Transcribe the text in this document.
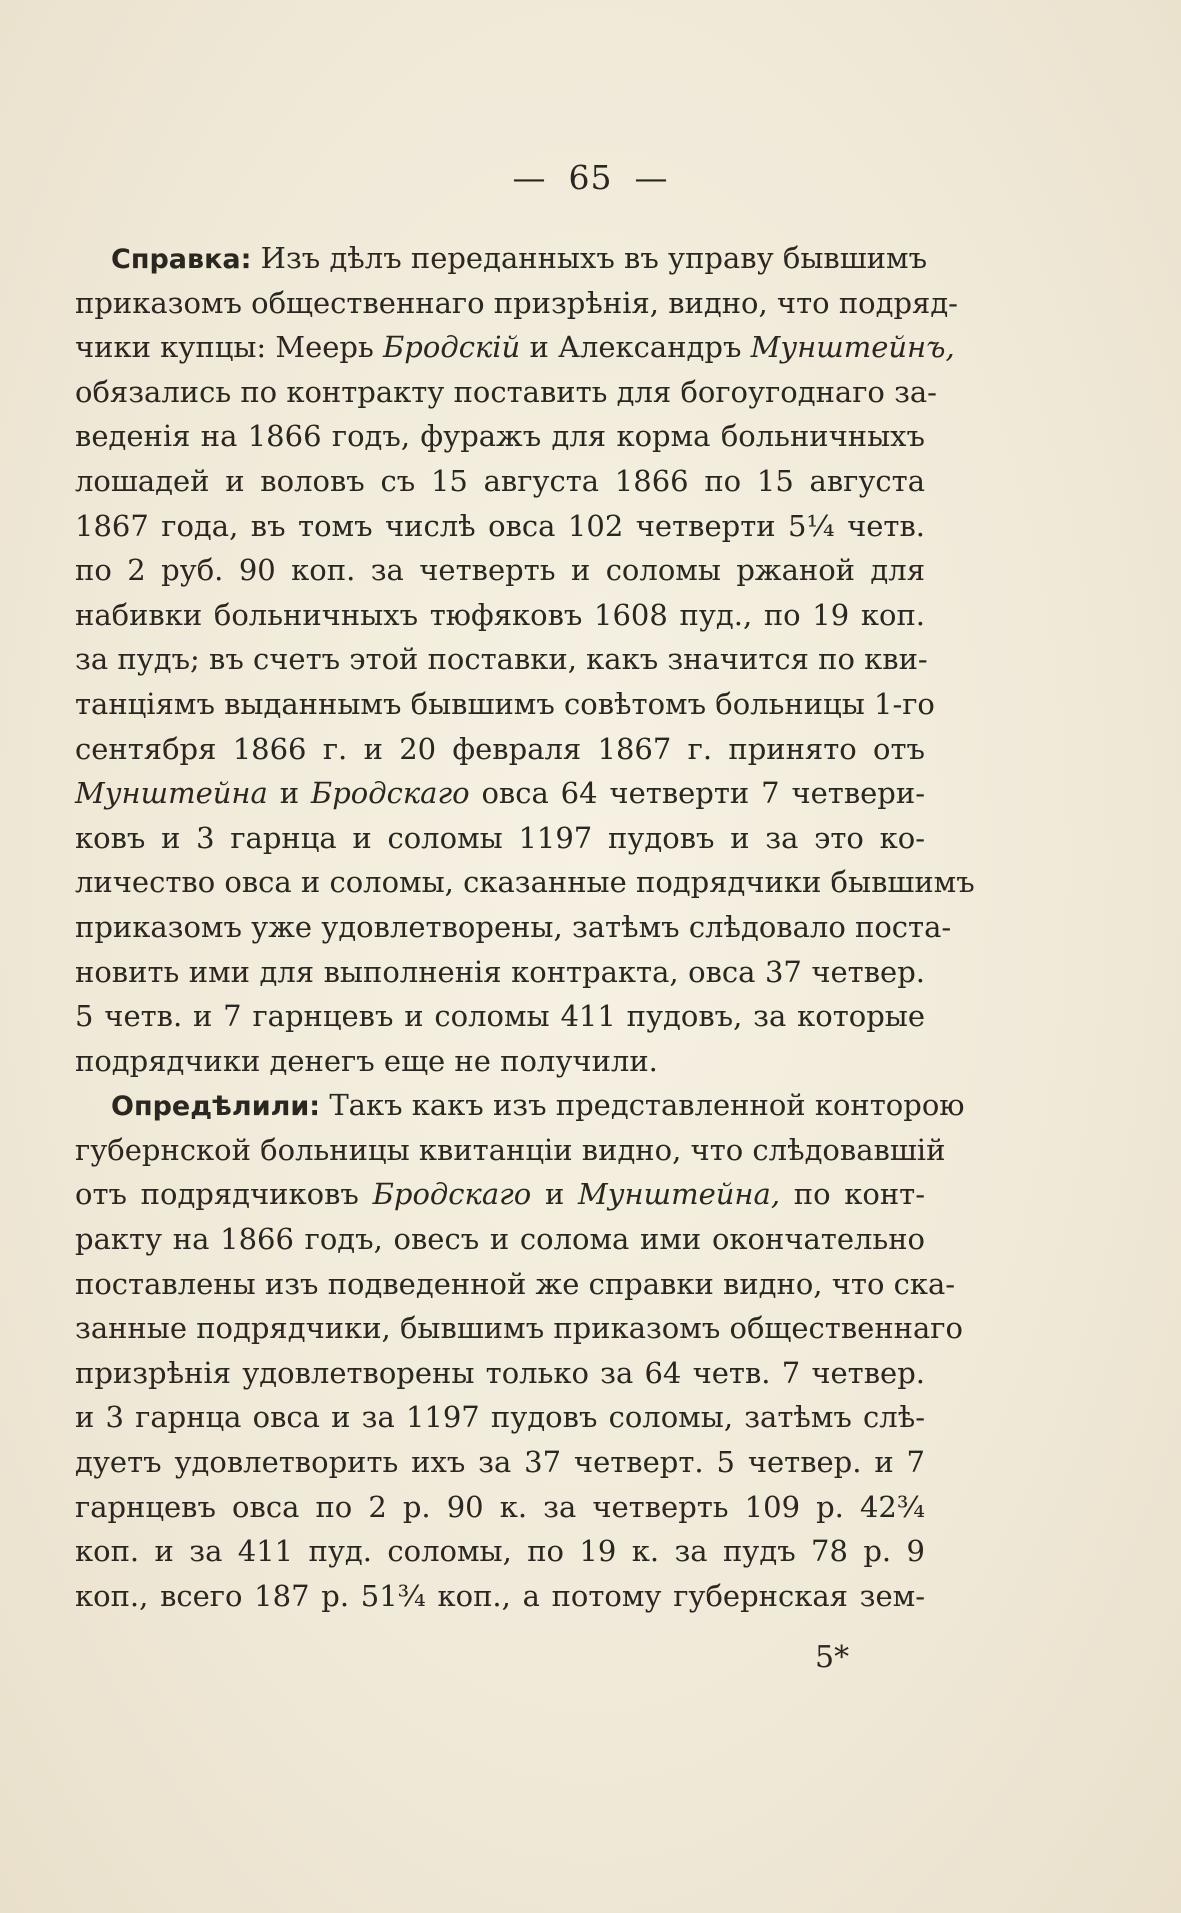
— 65 —
Справка: Изъ дѣлъ переданныхъ въ управу бывшимъ
приказомъ общественнаго призрѣнія, видно, что подряд-
чики купцы: Меерь Бродскій и Александръ Мунштейнъ,
обязались по контракту поставить для богоугоднаго за-
веденія на 1866 годъ, фуражъ для корма больничныхъ
лошадей и воловъ съ 15 августа 1866 по 15 августа
1867 года, въ томъ числѣ овса 102 четверти 5¼ четв.
по 2 руб. 90 коп. за четверть и соломы ржаной для
набивки больничныхъ тюфяковъ 1608 пуд., по 19 коп.
за пудъ; въ счетъ этой поставки, какъ значится по кви-
танціямъ выданнымъ бывшимъ совѣтомъ больницы 1-го
сентября 1866 г. и 20 февраля 1867 г. принято отъ
Мунштейна и Бродскаго овса 64 четверти 7 четвери-
ковъ и 3 гарнца и соломы 1197 пудовъ и за это ко-
личество овса и соломы, сказанные подрядчики бывшимъ
приказомъ уже удовлетворены, затѣмъ слѣдовало поста-
новить ими для выполненія контракта, овса 37 четвер.
5 четв. и 7 гарнцевъ и соломы 411 пудовъ, за которые
подрядчики денегъ еще не получили.
Опредѣлили: Такъ какъ изъ представленной конторою
губернской больницы квитанціи видно, что слѣдовавшій
отъ подрядчиковъ Бродскаго и Мунштейна, по конт-
ракту на 1866 годъ, овесъ и солома ими окончательно
поставлены изъ подведенной же справки видно, что ска-
занные подрядчики, бывшимъ приказомъ общественнаго
призрѣнія удовлетворены только за 64 четв. 7 четвер.
и 3 гарнца овса и за 1197 пудовъ соломы, затѣмъ слѣ-
дуетъ удовлетворить ихъ за 37 четверт. 5 четвер. и 7
гарнцевъ овса по 2 р. 90 к. за четверть 109 р. 42¾
коп. и за 411 пуд. соломы, по 19 к. за пудъ 78 р. 9
коп., всего 187 р. 51¾ коп., а потому губернская зем-
5*
